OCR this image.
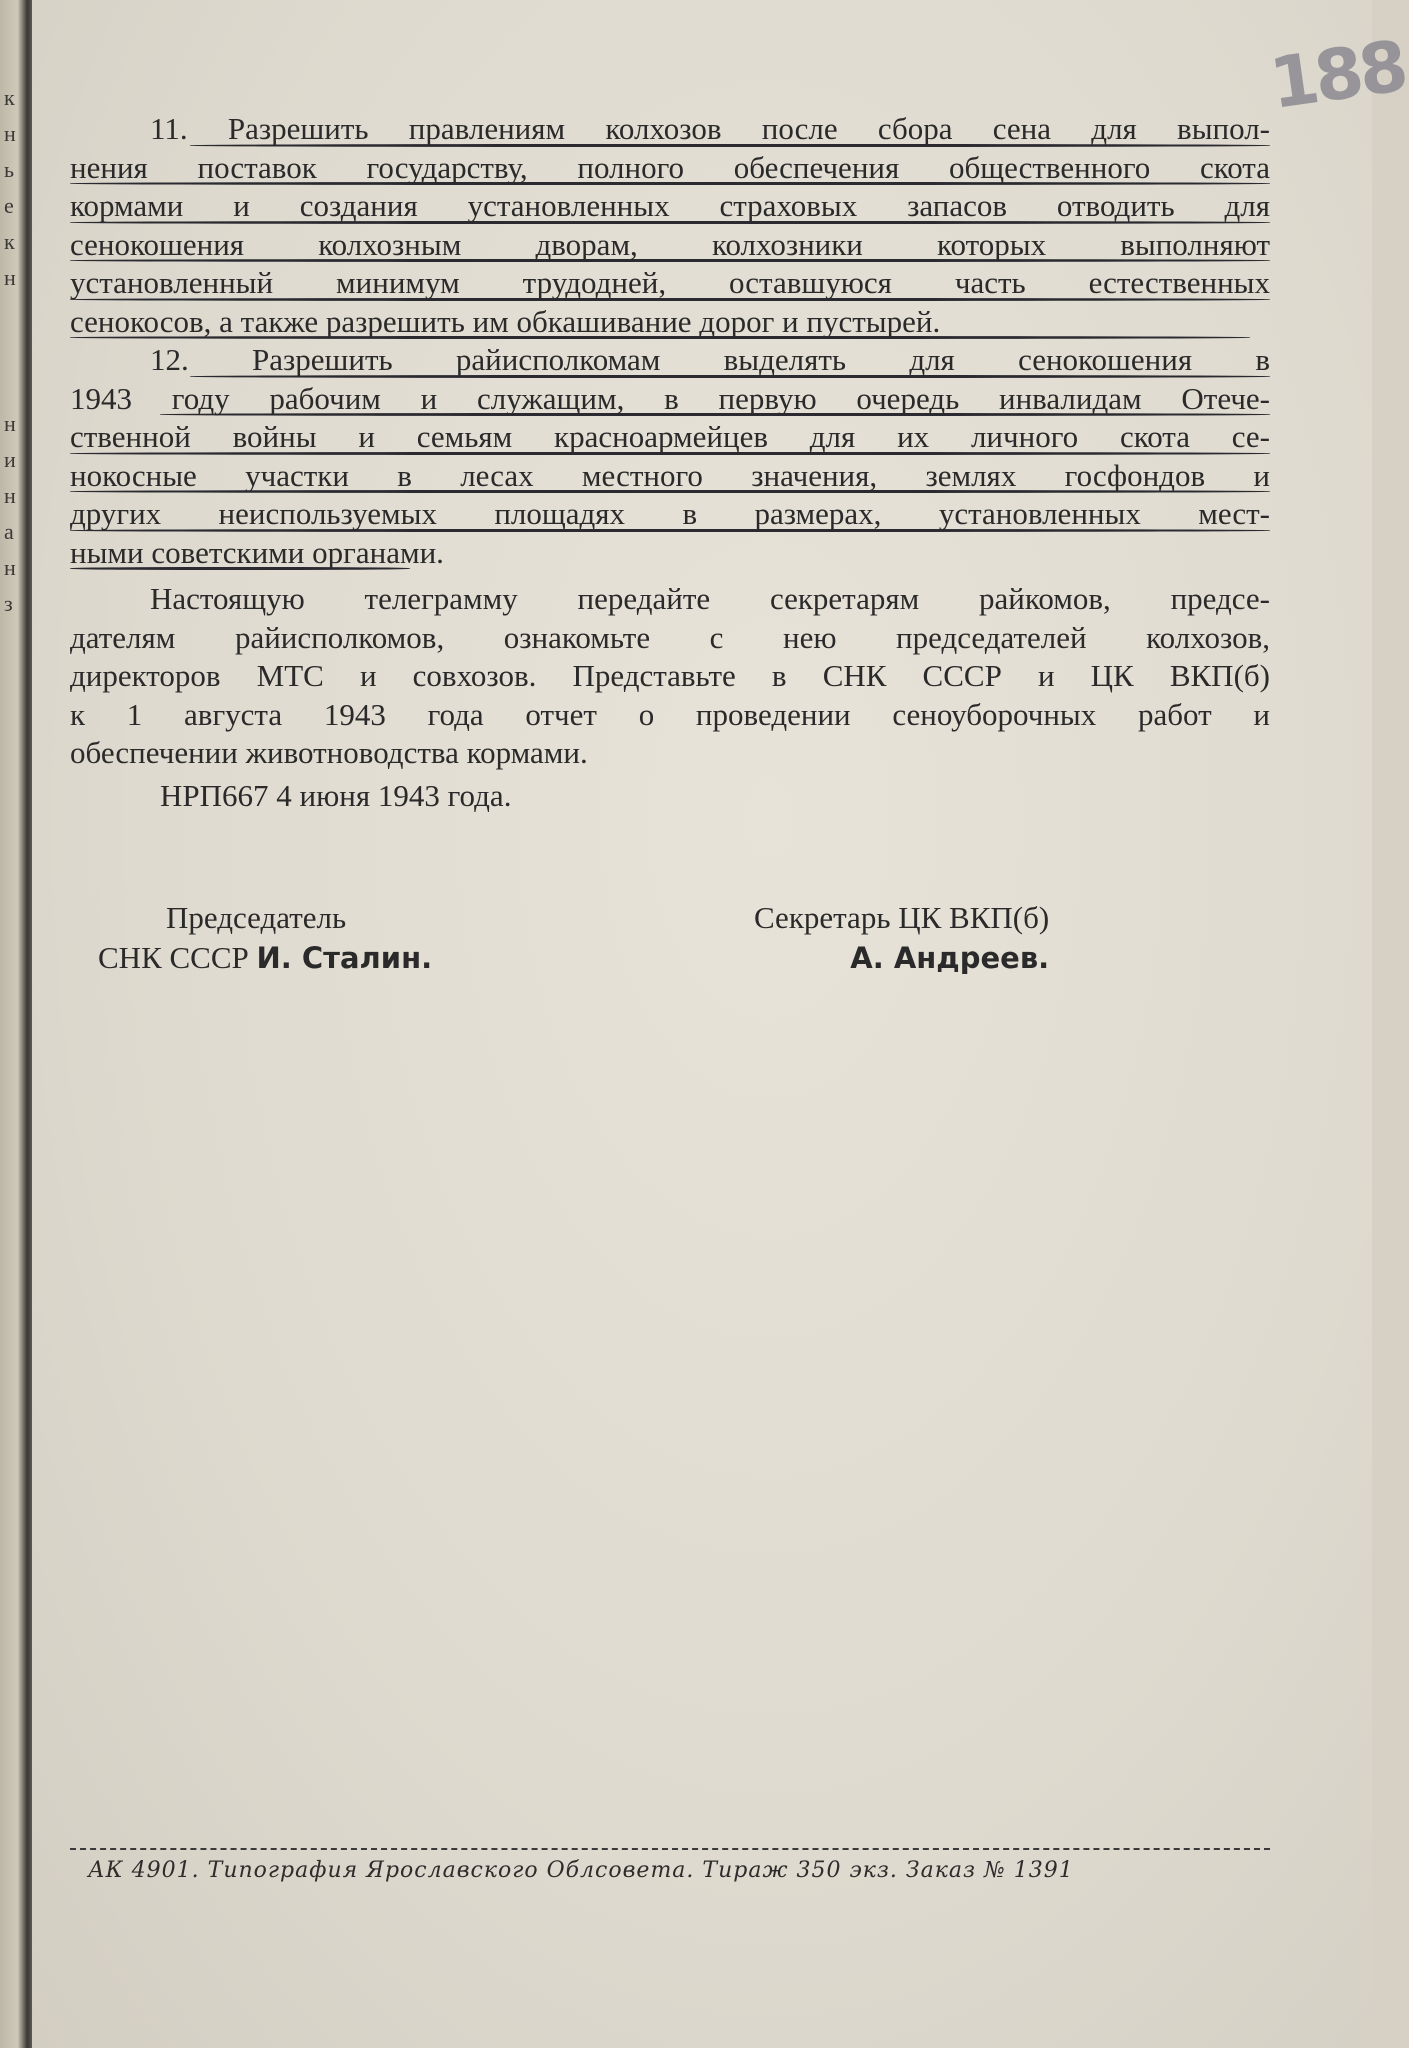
к
н
ь
е
к
н
н
и
н
а
н
з
188
11. Разрешить правлениям колхозов после сбора сена для выпол-
нения поставок государству, полного обеспечения общественного скота
кормами и создания установленных страховых запасов отводить для
сенокошения колхозным дворам, колхозники которых выполняют
установленный минимум трудодней, оставшуюся часть естественных
сенокосов, а также разрешить им обкашивание дорог и пустырей.
12. Разрешить райисполкомам выделять для сенокошения в
1943 году рабочим и служащим, в первую очередь инвалидам Отече-
ственной войны и семьям красноармейцев для их личного скота се-
нокосные участки в лесах местного значения, землях госфондов и
других неиспользуемых площадях в размерах, установленных мест-
ными советскими органами.
Настоящую телеграмму передайте секретарям райкомов, предсе-
дателям райисполкомов, ознакомьте с нею председателей колхозов,
директоров МТС и совхозов. Представьте в СНК СССР и ЦК ВКП(б)
к 1 августа 1943 года отчет о проведении сеноуборочных работ и
обеспечении животноводства кормами.
НРП667 4 июня 1943 года.
Председатель
СНК СССР И. Сталин.
Секретарь ЦК ВКП(б)
А. Андреев.
АК 4901. Типография Ярославского Облсовета. Тираж 350 экз. Заказ № 1391
